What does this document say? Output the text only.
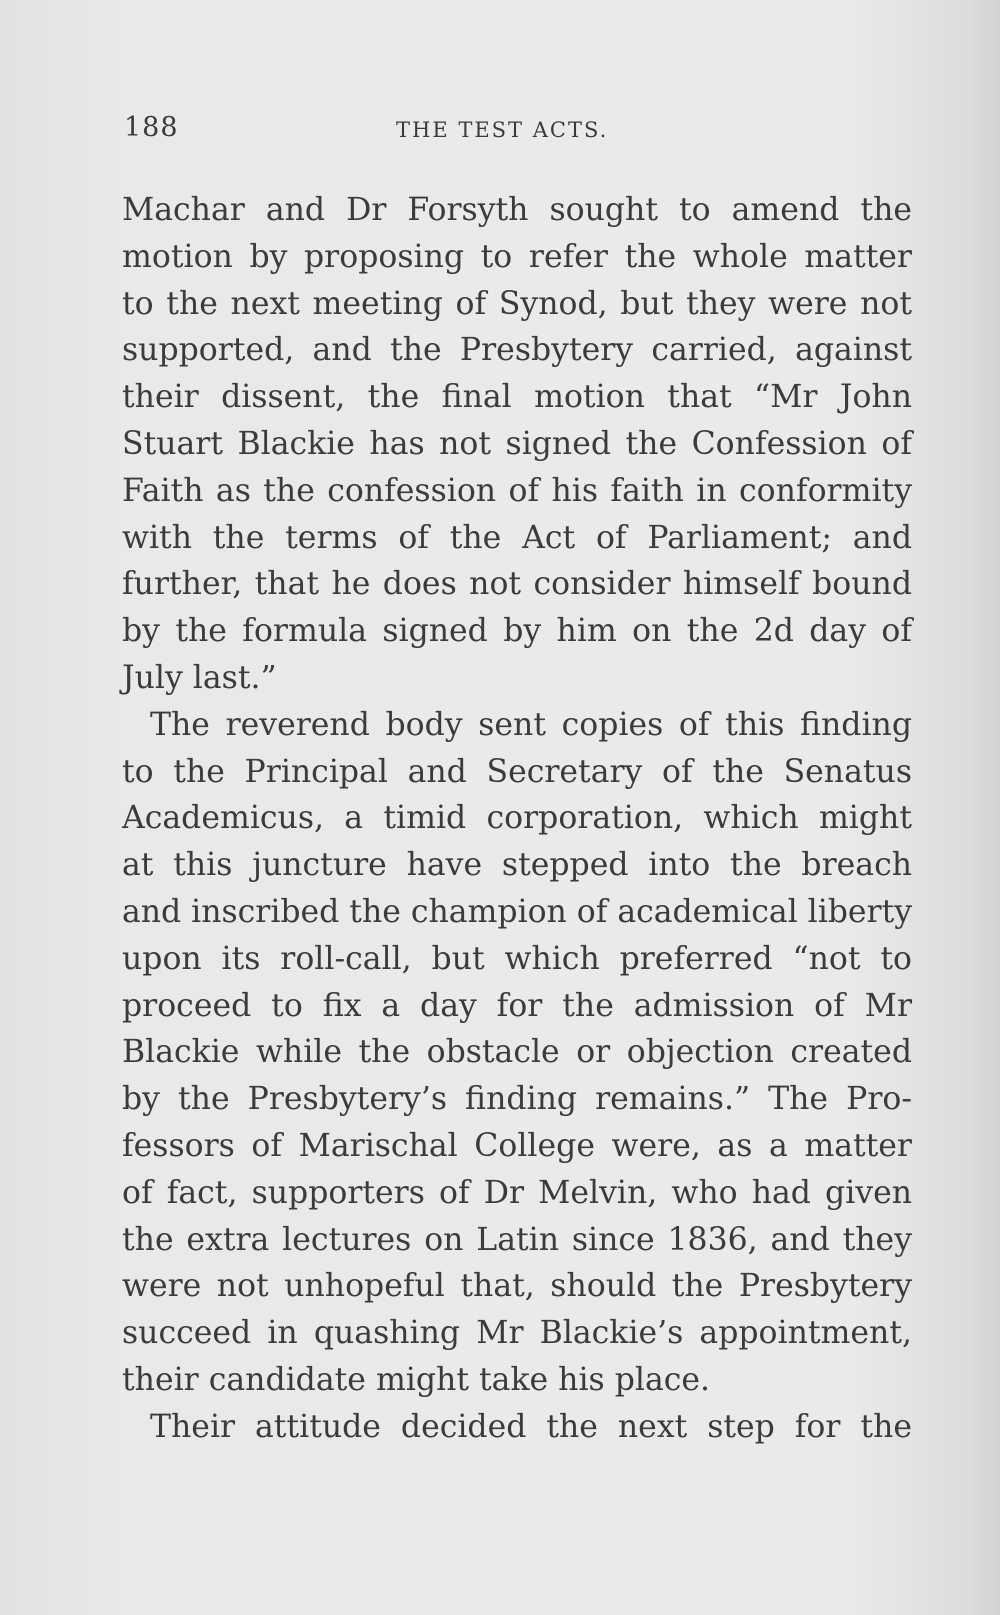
188	THE TEST ACTS.
Machar and Dr Forsyth sought to amend the
motion by proposing to refer the whole matter
to the next meeting of Synod, but they were not
supported, and the Presbytery carried, against
their dissent, the final motion that “Mr John
Stuart Blackie has not signed the Confession of
Faith as the confession of his faith in conformity
with the terms of the Act of Parliament; and
further, that he does not consider himself bound
by the formula signed by him on the 2d day of
July last.”
The reverend body sent copies of this finding
to the Principal and Secretary of the Senatus
Academicus, a timid corporation, which might
at this juncture have stepped into the breach
and inscribed the champion of academical liberty
upon its roll-call, but which preferred “not to
proceed to fix a day for the admission of Mr
Blackie while the obstacle or objection created
by the Presbytery’s finding remains.” The Pro-
fessors of Marischal College were, as a matter
of fact, supporters of Dr Melvin, who had given
the extra lectures on Latin since 1836, and they
were not unhopeful that, should the Presbytery
succeed in quashing Mr Blackie’s appointment,
their candidate might take his place.
Their attitude decided the next step for the
